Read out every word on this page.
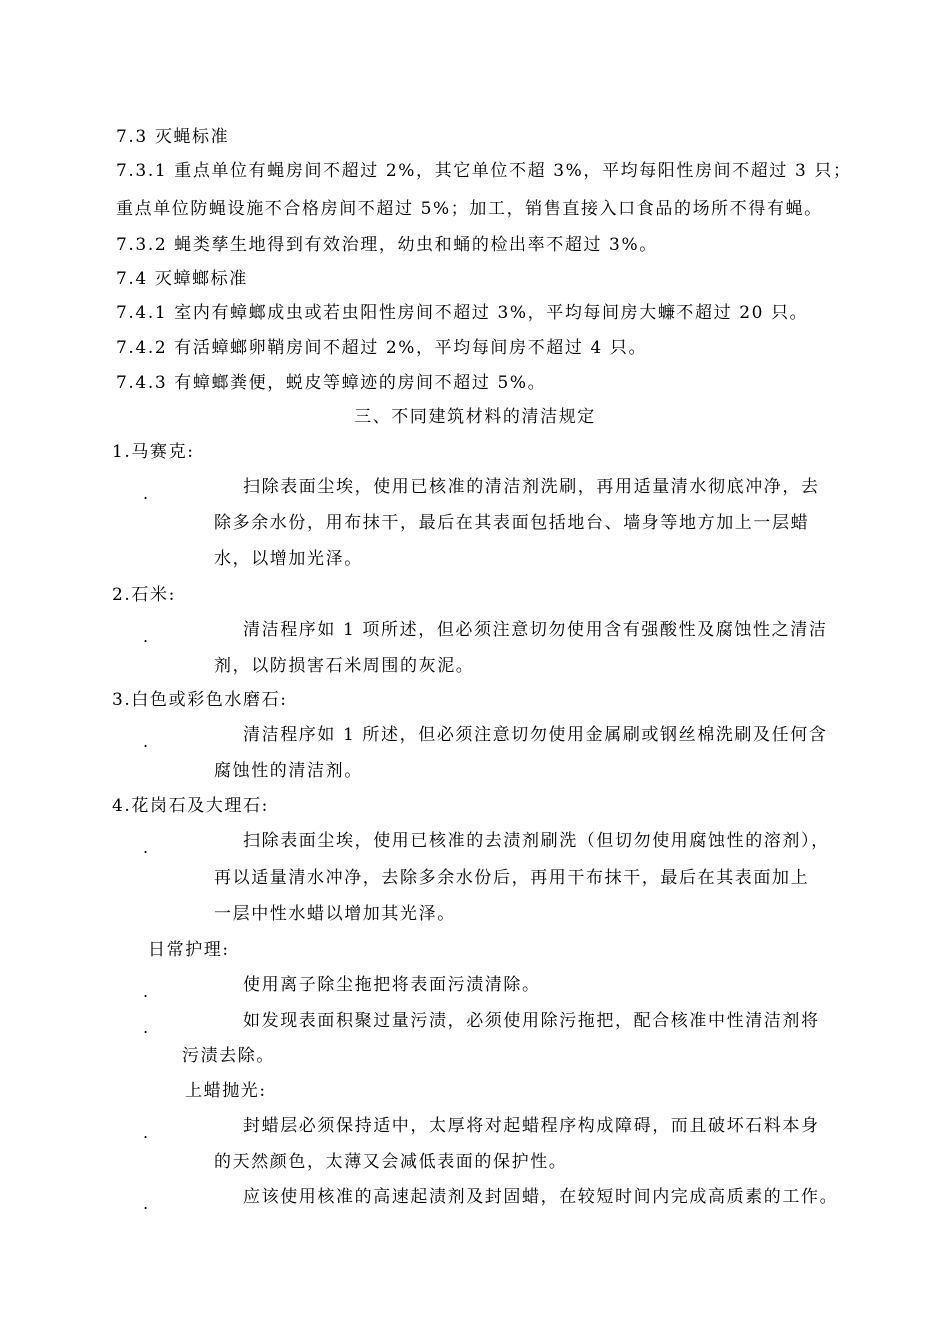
7.3 灭蝇标准
7.3.1 重点单位有蝇房间不超过 2%，其它单位不超 3%，平均每阳性房间不超过 3 只；
重点单位防蝇设施不合格房间不超过 5%；加工，销售直接入口食品的场所不得有蝇。
7.3.2 蝇类孳生地得到有效治理，幼虫和蛹的检出率不超过 3%。
7.4 灭蟑螂标准
7.4.1 室内有蟑螂成虫或若虫阳性房间不超过 3%，平均每间房大蠊不超过 20 只。
7.4.2 有活蟑螂卵鞘房间不超过 2%，平均每间房不超过 4 只。
7.4.3 有蟑螂粪便，蜕皮等蟑迹的房间不超过 5%。
三、不同建筑材料的清洁规定
1.马赛克:
.	扫除表面尘埃，使用已核准的清洁剂洗刷，再用适量清水彻底冲净，去
除多余水份，用布抹干，最后在其表面包括地台、墙身等地方加上一层蜡
水，以增加光泽。
2.石米:
.	清洁程序如 1 项所述，但必须注意切勿使用含有强酸性及腐蚀性之清洁
剂，以防损害石米周围的灰泥。
3.白色或彩色水磨石:
.	清洁程序如 1 所述，但必须注意切勿使用金属刷或钢丝棉洗刷及任何含
腐蚀性的清洁剂。
4.花岗石及大理石:
.	扫除表面尘埃，使用已核准的去渍剂刷洗（但切勿使用腐蚀性的溶剂），
再以适量清水冲净，去除多余水份后，再用干布抹干，最后在其表面加上
一层中性水蜡以增加其光泽。
日常护理:
.	使用离子除尘拖把将表面污渍清除。
.	如发现表面积聚过量污渍，必须使用除污拖把，配合核准中性清洁剂将
污渍去除。
上蜡抛光:
.	封蜡层必须保持适中，太厚将对起蜡程序构成障碍，而且破坏石料本身
的天然颜色，太薄又会减低表面的保护性。
.	应该使用核准的高速起渍剂及封固蜡，在较短时间内完成高质素的工作。
